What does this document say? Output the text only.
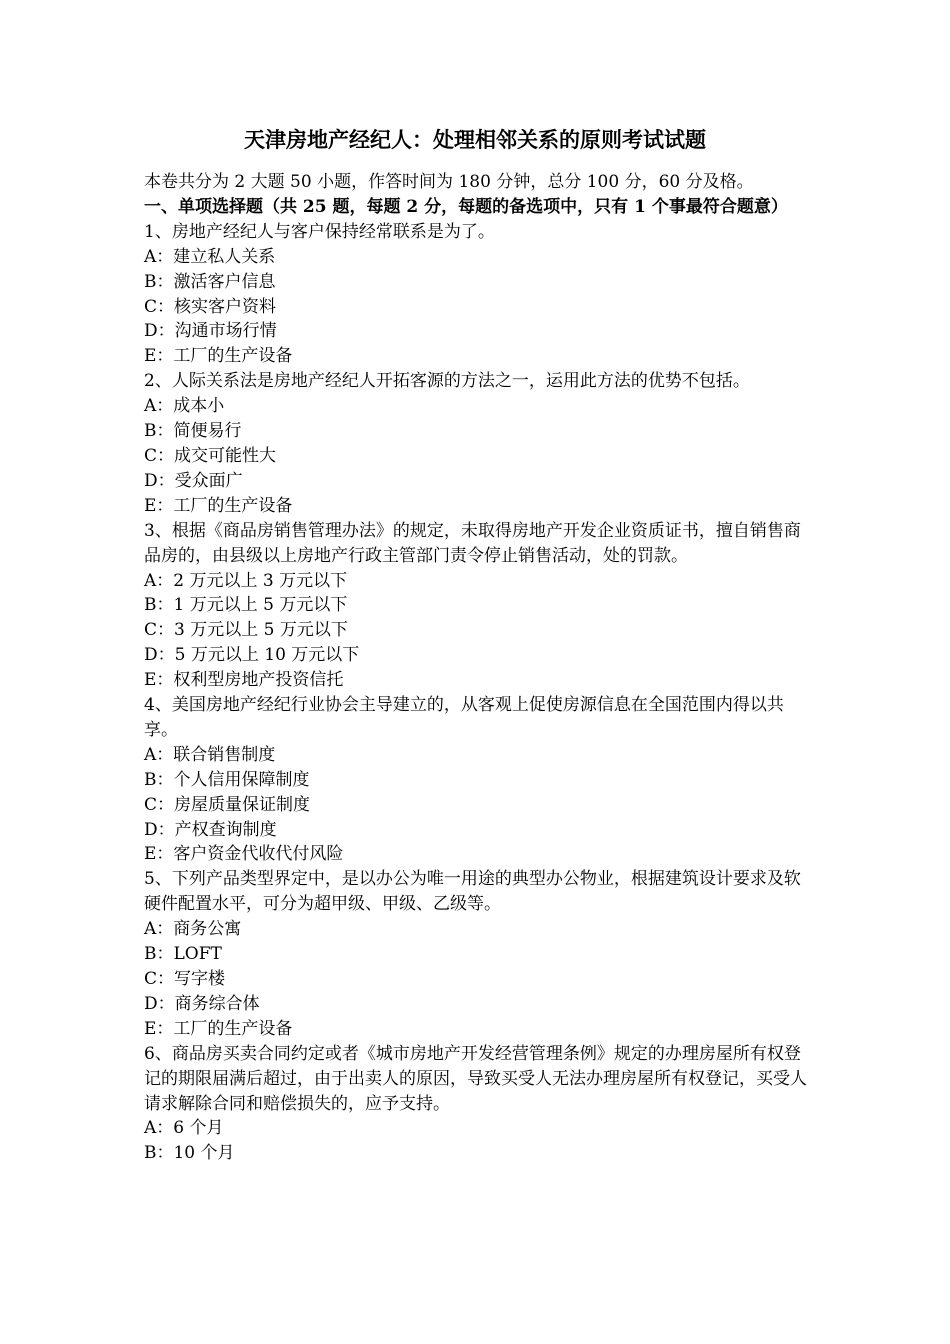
天津房地产经纪人：处理相邻关系的原则考试试题
本卷共分为 2 大题 50 小题，作答时间为 180 分钟，总分 100 分，60 分及格。
一、单项选择题（共 25 题，每题 2 分，每题的备选项中，只有 1 个事最符合题意）
1、房地产经纪人与客户保持经常联系是为了。
A：建立私人关系
B：激活客户信息
C：核实客户资料
D：沟通市场行情
E：工厂的生产设备
2、人际关系法是房地产经纪人开拓客源的方法之一，运用此方法的优势不包括。
A：成本小
B：简便易行
C：成交可能性大
D：受众面广
E：工厂的生产设备
3、根据《商品房销售管理办法》的规定，未取得房地产开发企业资质证书，擅自销售商品房的，由县级以上房地产行政主管部门责令停止销售活动，处的罚款。
A：2 万元以上 3 万元以下
B：1 万元以上 5 万元以下
C：3 万元以上 5 万元以下
D：5 万元以上 10 万元以下
E：权利型房地产投资信托
4、美国房地产经纪行业协会主导建立的，从客观上促使房源信息在全国范围内得以共享。
A：联合销售制度
B：个人信用保障制度
C：房屋质量保证制度
D：产权查询制度
E：客户资金代收代付风险
5、下列产品类型界定中，是以办公为唯一用途的典型办公物业，根据建筑设计要求及软硬件配置水平，可分为超甲级、甲级、乙级等。
A：商务公寓
B：LOFT
C：写字楼
D：商务综合体
E：工厂的生产设备
6、商品房买卖合同约定或者《城市房地产开发经营管理条例》规定的办理房屋所有权登记的期限届满后超过，由于出卖人的原因，导致买受人无法办理房屋所有权登记，买受人请求解除合同和赔偿损失的，应予支持。
A：6 个月
B：10 个月
